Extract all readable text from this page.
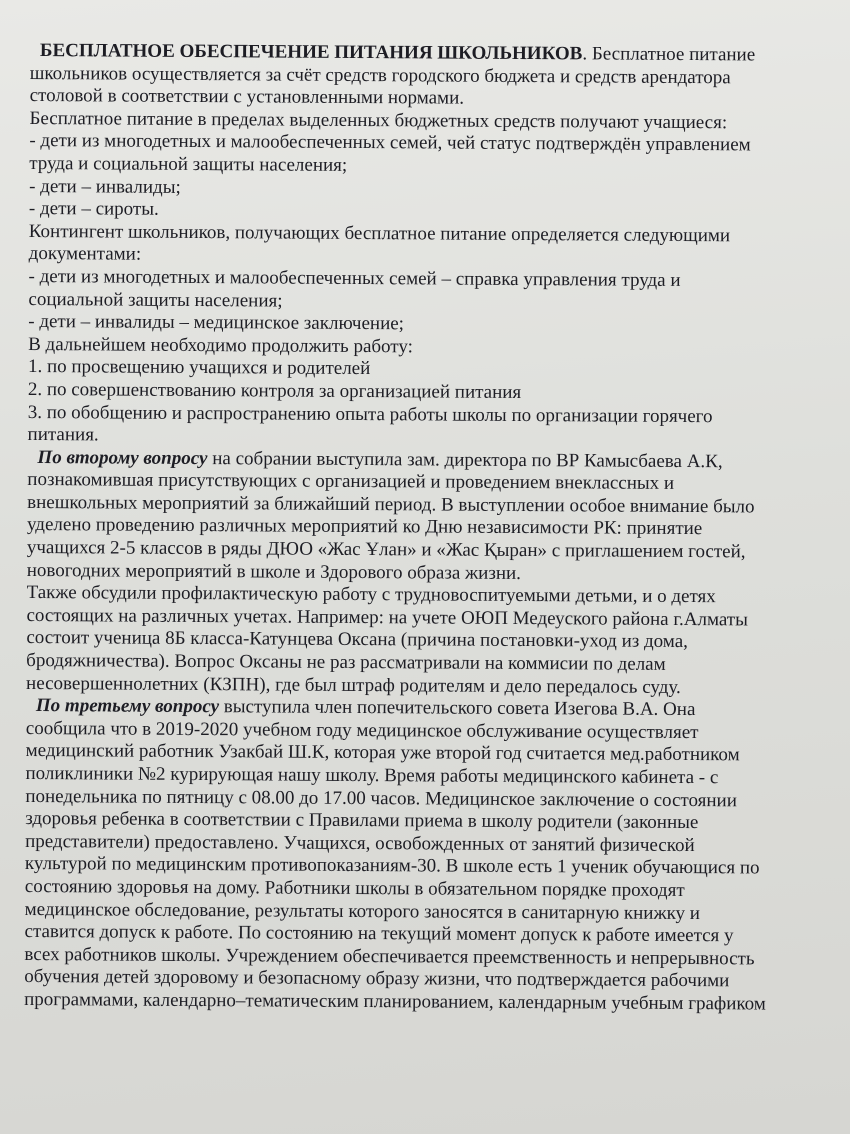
БЕСПЛАТНОЕ ОБЕСПЕЧЕНИЕ ПИТАНИЯ ШКОЛЬНИКОВ. Бесплатное питание
школьников осуществляется за счёт средств городского бюджета и средств арендатора
столовой в соответствии с установленными нормами.
Бесплатное питание в пределах выделенных бюджетных средств получают учащиеся:
- дети из многодетных и малообеспеченных семей, чей статус подтверждён управлением
труда и социальной защиты населения;
- дети – инвалиды;
- дети – сироты.
Контингент школьников, получающих бесплатное питание определяется следующими
документами:
- дети из многодетных и малообеспеченных семей – справка управления труда и
социальной защиты населения;
- дети – инвалиды – медицинское заключение;
В дальнейшем необходимо продолжить работу:
1. по просвещению учащихся и родителей
2. по совершенствованию контроля за организацией питания
3. по обобщению и распространению опыта работы школы по организации горячего
питания.
По второму вопросу на собрании выступила зам. директора по ВР Камысбаева А.К,
познакомившая присутствующих с организацией и проведением внеклассных и
внешкольных мероприятий за ближайший период. В выступлении особое внимание было
уделено проведению различных мероприятий ко Дню независимости РК: принятие
учащихся 2-5 классов в ряды ДЮО «Жас Ұлан» и «Жас Қыран» с приглашением гостей,
новогодних мероприятий в школе и Здорового образа жизни.
Также обсудили профилактическую работу с трудновоспитуемыми детьми, и о детях
состоящих на различных учетах. Например: на учете ОЮП Медеуского района г.Алматы
состоит ученица 8Б класса-Катунцева Оксана (причина постановки-уход из дома,
бродяжничества). Вопрос Оксаны не раз рассматривали на коммисии по делам
несовершеннолетних (КЗПН), где был штраф родителям и дело передалось суду.
По третьему вопросу выступила член попечительского совета Изегова В.А. Она
сообщила что в 2019-2020 учебном году медицинское обслуживание осуществляет
медицинский работник Узакбай Ш.К, которая уже второй год считается мед.работником
поликлиники №2 курирующая нашу школу. Время работы медицинского кабинета - с
понедельника по пятницу с 08.00 до 17.00 часов. Медицинское заключение о состоянии
здоровья ребенка в соответствии с Правилами приема в школу родители (законные
представители) предоставлено. Учащихся, освобожденных от занятий физической
культурой по медицинским противопоказаниям-30. В школе есть 1 ученик обучающися по
состоянию здоровья на дому. Работники школы в обязательном порядке проходят
медицинское обследование, результаты которого заносятся в санитарную книжку и
ставится допуск к работе. По состоянию на текущий момент допуск к работе имеется у
всех работников школы. Учреждением обеспечивается преемственность и непрерывность
обучения детей здоровому и безопасному образу жизни, что подтверждается рабочими
программами, календарно–тематическим планированием, календарным учебным графиком
